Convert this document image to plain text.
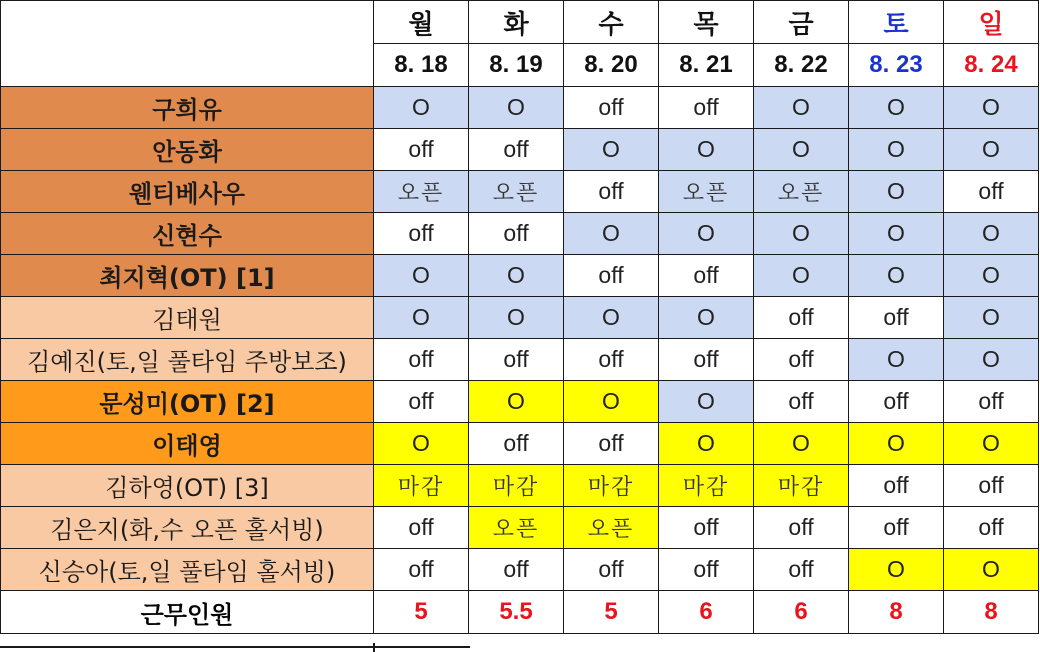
	월	화	수	목	금	토	일
	8. 18	8. 19	8. 20	8. 21	8. 22	8. 23	8. 24
구희유	O	O	off	off	O	O	O
안동화	off	off	O	O	O	O	O
웬티베사우	오픈	오픈	off	오픈	오픈	O	off
신현수	off	off	O	O	O	O	O
최지혁(OT) [1]	O	O	off	off	O	O	O
김태원	O	O	O	O	off	off	O
김예진(토,일 풀타임 주방보조)	off	off	off	off	off	O	O
문성미(OT) [2]	off	O	O	O	off	off	off
이태영	O	off	off	O	O	O	O
김하영(OT) [3]	마감	마감	마감	마감	마감	off	off
김은지(화,수 오픈 홀서빙)	off	오픈	오픈	off	off	off	off
신승아(토,일 풀타임 홀서빙)	off	off	off	off	off	O	O
근무인원	5	5.5	5	6	6	8	8
